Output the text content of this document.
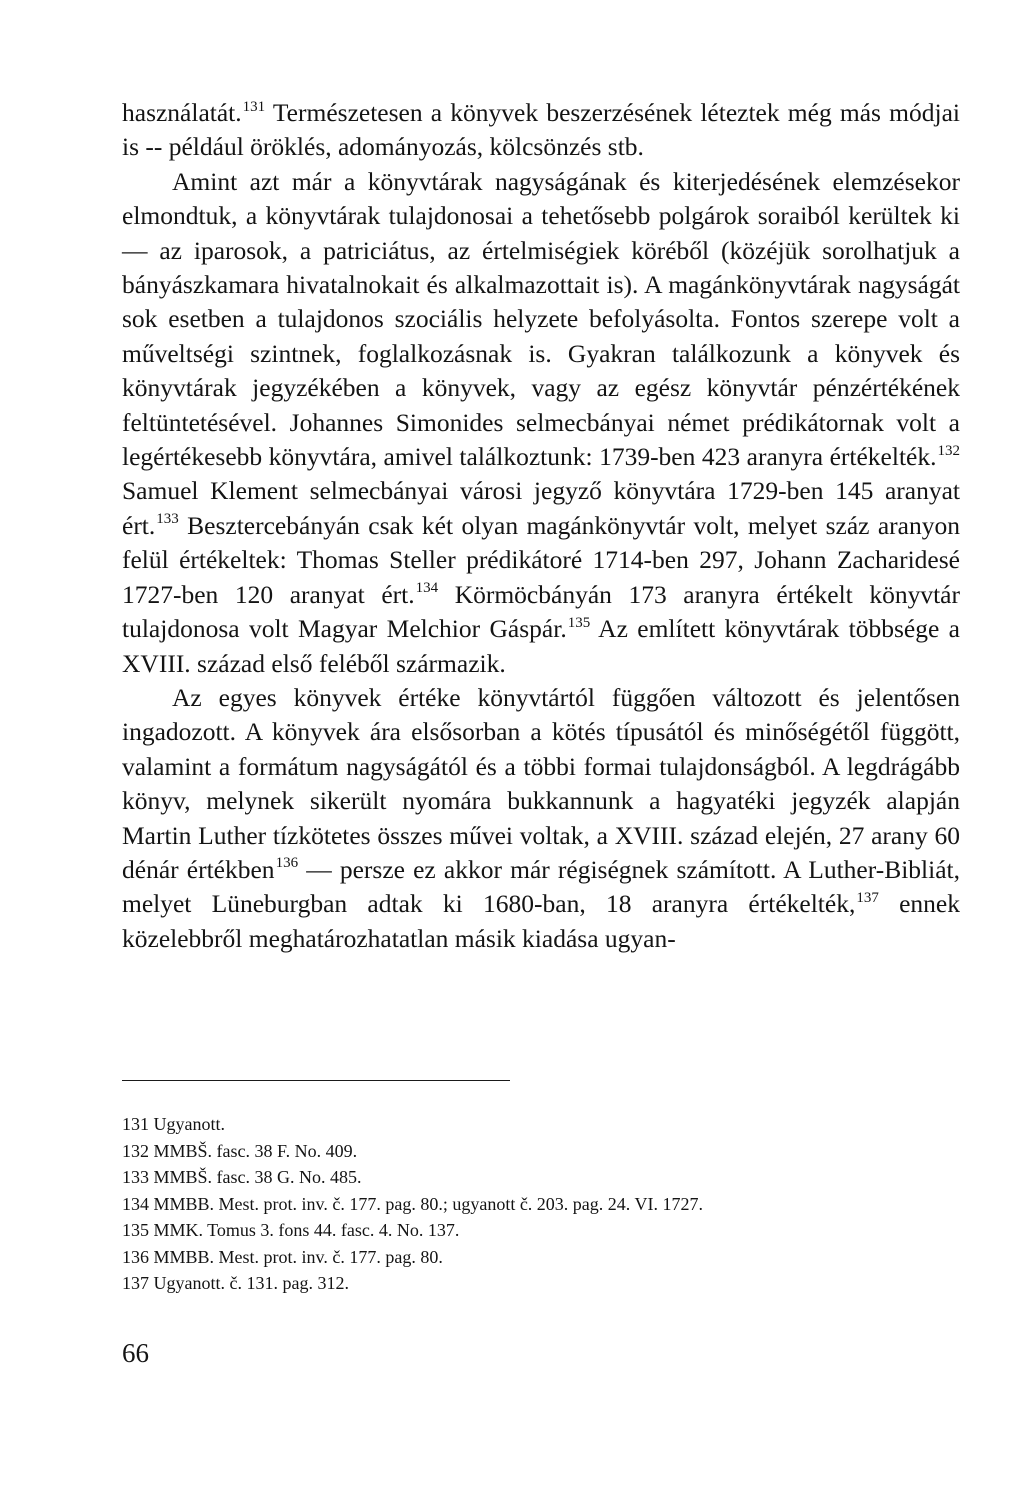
használatát.$^{131}$ Természetesen a könyvek beszerzésének léteztek még más módjai is -- például öröklés, adományozás, kölcsönzés stb.

Amint azt már a könyvtárak nagyságának és kiterjedésének elemzésekor elmondtuk, a könyvtárak tulajdonosai a tehetősebb polgárok soraiból kerültek ki — az iparosok, a patriciátus, az értelmiségiek köréből (közéjük sorolhatjuk a bányászkamara hivatalnokait és alkalmazottait is). A magánkönyvtárak nagyságát sok esetben a tulajdonos szociális helyzete befolyásolta. Fontos szerepe volt a műveltségi szintnek, foglalkozásnak is. Gyakran találkozunk a könyvek és könyvtárak jegyzékében a könyvek, vagy az egész könyvtár pénzértékének feltüntetésével. Johannes Simonides selmecbányai német prédikátornak volt a legértékesebb könyvtára, amivel találkoztunk: 1739-ben 423 aranyra értékelték.$^{132}$ Samuel Klement selmecbányai városi jegyző könyvtára 1729-ben 145 aranyat ért.$^{133}$ Besztercebányán csak két olyan magánkönyvtár volt, melyet száz aranyon felül értékeltek: Thomas Steller prédikátoré 1714-ben 297, Johann Zacharidesé 1727-ben 120 aranyat ért.$^{134}$ Körmöcbányán 173 aranyra értékelt könyvtár tulajdonosa volt Magyar Melchior Gáspár.$^{135}$ Az említett könyvtárak többsége a XVIII. század első feléből származik.

Az egyes könyvek értéke könyvtártól függően változott és jelentősen ingadozott. A könyvek ára elsősorban a kötés típusától és minőségétől függött, valamint a formátum nagyságától és a többi formai tulajdonságból. A legdrágább könyv, melynek sikerült nyomára bukkannunk a hagyatéki jegyzék alapján Martin Luther tízkötetes összes művei voltak, a XVIII. század elején, 27 arany 60 dénár értékben$^{136}$ — persze ez akkor már régiségnek számított. A Luther-Bibliát, melyet Lüneburgban adtak ki 1680-ban, 18 aranyra értékelték,$^{137}$ ennek közelebbről meghatározhatatlan másik kiadása ugyan-

131 Ugyanott.

132 MMBŠ. fasc. 38 F. No. 409.

133 MMBŠ. fasc. 38 G. No. 485.

134 MMBB. Mest. prot. inv. č. 177. pag. 80.; ugyanott č. 203. pag. 24. VI. 1727.

135 MMK. Tomus 3. fons 44. fasc. 4. No. 137.

136 MMBB. Mest. prot. inv. č. 177. pag. 80.

137 Ugyanott. č. 131. pag. 312.

66
